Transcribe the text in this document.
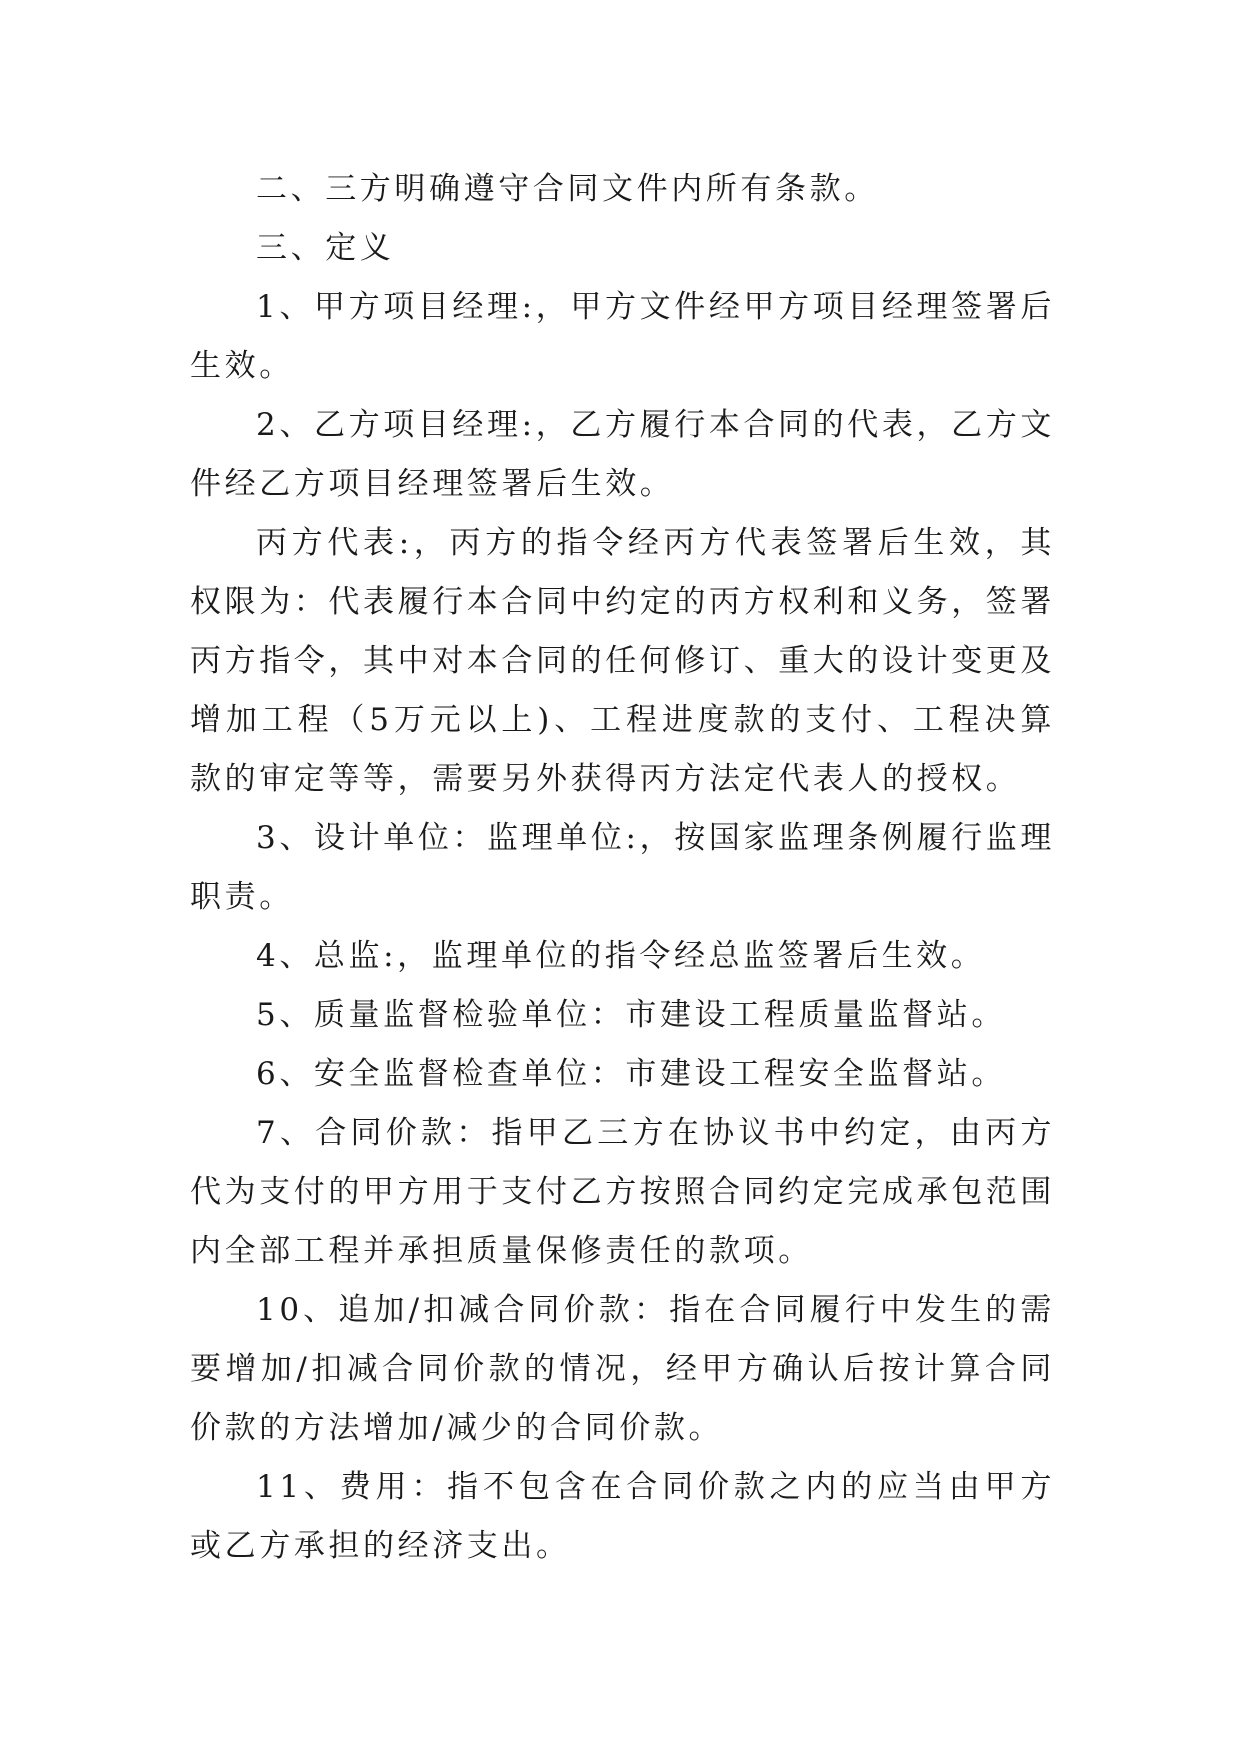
二、三方明确遵守合同文件内所有条款。

三、定义

1、甲方项目经理:，甲方文件经甲方项目经理签署后生效。

2、乙方项目经理:，乙方履行本合同的代表，乙方文件经乙方项目经理签署后生效。

丙方代表:，丙方的指令经丙方代表签署后生效，其权限为：代表履行本合同中约定的丙方权利和义务，签署丙方指令，其中对本合同的任何修订、重大的设计变更及增加工程（5万元以上)、工程进度款的支付、工程决算款的审定等等，需要另外获得丙方法定代表人的授权。

3、设计单位：监理单位:，按国家监理条例履行监理职责。

4、总监:，监理单位的指令经总监签署后生效。

5、质量监督检验单位：市建设工程质量监督站。

6、安全监督检查单位：市建设工程安全监督站。

7、合同价款：指甲乙三方在协议书中约定，由丙方代为支付的甲方用于支付乙方按照合同约定完成承包范围内全部工程并承担质量保修责任的款项。

10、追加/扣减合同价款：指在合同履行中发生的需要增加/扣减合同价款的情况，经甲方确认后按计算合同价款的方法增加/减少的合同价款。

11、费用：指不包含在合同价款之内的应当由甲方或乙方承担的经济支出。
